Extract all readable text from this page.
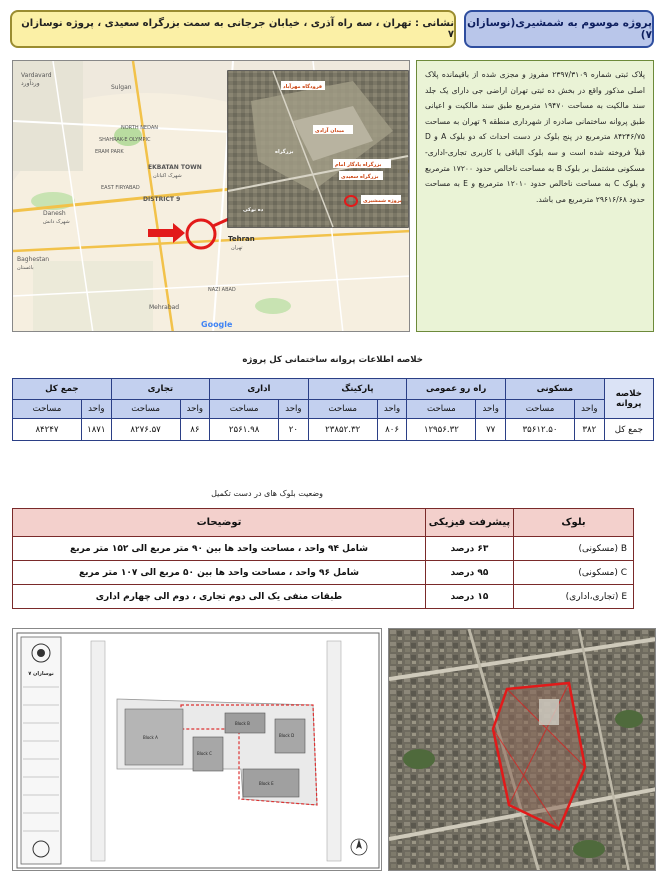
پروژه موسوم به شمشیری(نوسازان ۷)
نشانی : تهران ، سه راه آذری ، خیابان جرجانی به سمت بزرگراه سعیدی ، پروژه نوسازان ۷
Vardavard
وردآورد
Sulgan
NORTH NEDAN
SHAHRAK-E OLYMPIC
ERAM PARK
EKBATAN TOWN
شهرک اکباتان
EAST FIRYABAD
Danesh
شهرک دانش
DISTRICT 9
Baghestan
باغستان
Tehran
تهران
NAZI ABAD
Mehrabad
Google
میدان آزادی
فرودگاه مهرآباد
بزرگراه یادگار امام
بزرگراه سعیدی
پروژه شمشیری
بزرگراه
ده نوکی

پلاک ثبتی شماره ۲۳۹۷/۳۱۰۹ مفروز و مجزی شده از باقیمانده پلاک اصلی مذکور واقع در بخش ده ثبتی تهران اراضی جی دارای یک جلد سند مالکیت به مساحت ۱۹۴۷۰ مترمربع طبق سند مالکیت و اعیانی طبق پروانه ساختمانی صادره از شهرداری منطقه ۹ تهران به مساحت ۸۴۲۴۶/۷۵ مترمربع در پنج بلوک در دست احداث که دو بلوک A و D قبلاً فروخته شده است و سه بلوک الباقی با کاربری تجاری-اداری-مسکونی مشتمل بر بلوک B به مساحت ناخالص حدود ۱۷۲۰۰ مترمربع و بلوک C به مساحت ناخالص حدود ۱۲۰۱۰ مترمربع و E به مساحت حدود ۲۹۶۱۶/۶۸ مترمربع می باشد.

خلاصه اطلاعات پروانه ساختمانی کل پروژه
خلاصه پروانه	مسکونی		راه رو عمومی		پارکینگ		اداری		تجاری		جمع کل	
	واحد	مساحت	واحد	مساحت	واحد	مساحت	واحد	مساحت	واحد	مساحت	واحد	مساحت
جمع کل	۳۸۲	۳۵۶۱۲.۵۰	۷۷	۱۲۹۵۶.۳۲	۸۰۶	۲۳۸۵۲.۳۲	۲۰	۲۵۶۱.۹۸	۸۶	۸۲۷۶.۵۷	۱۸۷۱	۸۴۲۴۷
وضعیت بلوک های در دست تکمیل
بلوک	پیشرفت فیزیکی	توضیحات
B (مسکونی)	۶۳ درصد	شامل ۹۴ واحد ، مساحت واحد ها بین ۹۰ متر مربع الی ۱۵۲ متر مربع
C (مسکونی)	۹۵ درصد	شامل ۹۶ واحد ، مساحت واحد ها بین ۵۰ مربع الی ۱۰۷ متر مربع
E (تجاری،اداری)	۱۵ درصد	طبقات منفی یک الی دوم تجاری ، دوم الی چهارم اداری
نوسازان ۷
Block A
Block B
Block C
Block D
Block E
